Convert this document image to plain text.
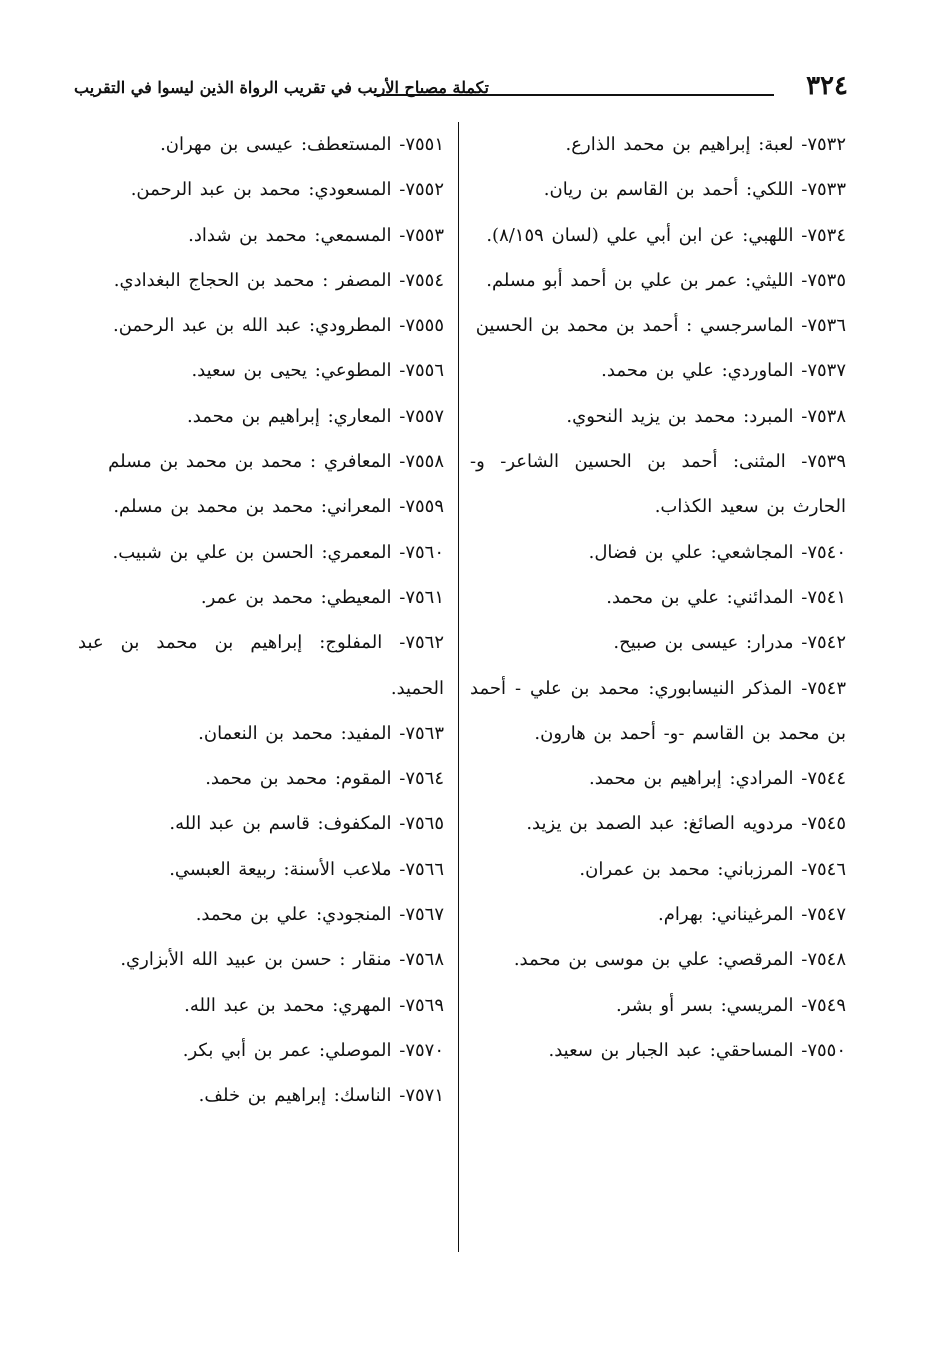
٣٢٤
تكملة مصباح الأريب في تقريب الرواة الذين ليسوا في التقريب

٧٥٣٢- لعبة: إبراهيم بن محمد الذارع.

٧٥٣٣- اللكي: أحمد بن القاسم بن ريان.

٧٥٣٤- اللهبي: عن ابن أبي علي (لسان ٨/١٥٩).

٧٥٣٥- الليثي: عمر بن علي بن أحمد أبو مسلم.

٧٥٣٦- الماسرجسي : أحمد بن محمد بن الحسين

٧٥٣٧- الماوردي: علي بن محمد.

٧٥٣٨- المبرد: محمد بن يزيد النحوي.

٧٥٣٩- المثنى: أحمد بن الحسين الشاعر- و- الحارث بن سعيد الكذاب.

٧٥٤٠- المجاشعي: علي بن فضال.

٧٥٤١- المدائني: علي بن محمد.

٧٥٤٢- مدرار: عيسى بن صبيح.

٧٥٤٣- المذكر النيسابوري: محمد بن علي - أحمد بن محمد بن القاسم -و- أحمد بن هارون.

٧٥٤٤- المرادي: إبراهيم بن محمد.

٧٥٤٥- مردويه الصائغ: عبد الصمد بن يزيد.

٧٥٤٦- المرزباني: محمد بن عمران.

٧٥٤٧- المرغيناني: بهرام.

٧٥٤٨- المرقصي: علي بن موسى بن محمد.

٧٥٤٩- المريسي: بسر أو بشر.

٧٥٥٠- المساحقي: عبد الجبار بن سعيد.

٧٥٥١- المستعطف: عيسى بن مهران.

٧٥٥٢- المسعودي: محمد بن عبد الرحمن.

٧٥٥٣- المسمعي: محمد بن شداد.

٧٥٥٤- المصفر : محمد بن الحجاج البغدادي.

٧٥٥٥- المطرودي: عبد الله بن عبد الرحمن.

٧٥٥٦- المطوعي: يحيى بن سعيد.

٧٥٥٧- المعاري: إبراهيم بن محمد.

٧٥٥٨- المعافري : محمد بن محمد بن مسلم

٧٥٥٩- المعراني: محمد بن محمد بن مسلم.

٧٥٦٠- المعمري: الحسن بن علي بن شبيب.

٧٥٦١- المعيطي: محمد بن عمر.

٧٥٦٢- المفلوج: إبراهيم بن محمد بن عبد الحميد.

٧٥٦٣- المفيد: محمد بن النعمان.

٧٥٦٤- المقوم: محمد بن محمد.

٧٥٦٥- المكفوف: قاسم بن عبد الله.

٧٥٦٦- ملاعب الأسنة: ربيعة العبسي.

٧٥٦٧- المنجودي: علي بن محمد.

٧٥٦٨- منقار : حسن بن عبيد الله الأبزاري.

٧٥٦٩- المهري: محمد بن عبد الله.

٧٥٧٠- الموصلي: عمر بن أبي بكر.

٧٥٧١- الناسك: إبراهيم بن خلف.
